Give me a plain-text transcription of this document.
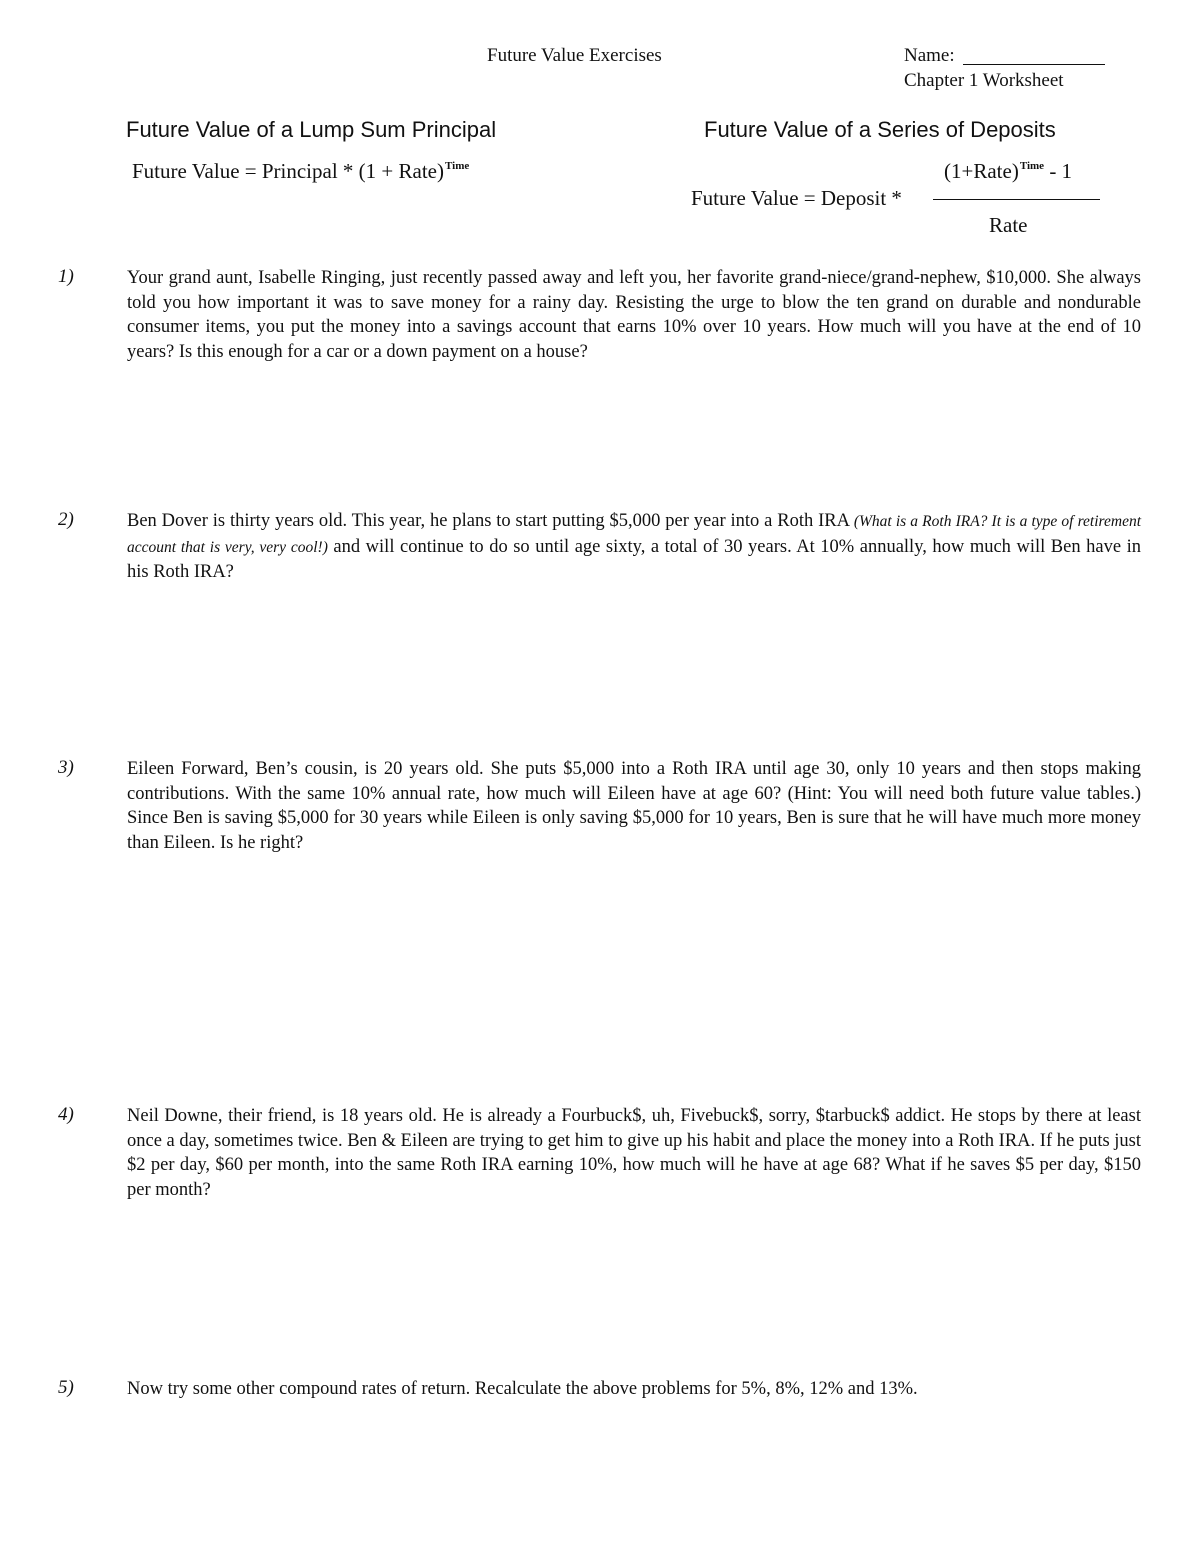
Future Value Exercises	Name:
Chapter 1 Worksheet
Future Value of a Lump Sum Principal	Future Value of a Series of Deposits
Future Value = Principal * (1 + Rate)$^{Time}$	(1+Rate)$^{Time}$ - 1
Future Value = Deposit *
Rate
1)	Your grand aunt, Isabelle Ringing, just recently passed away and left you, her favorite grand-niece/grand-nephew, $10,000. She always told you how important it was to save money for a rainy day. Resisting the urge to blow the ten grand on durable and nondurable consumer items, you put the money into a savings account that earns 10% over 10 years. How much will you have at the end of 10 years? Is this enough for a car or a down payment on a house?
2)	Ben Dover is thirty years old. This year, he plans to start putting $5,000 per year into a Roth IRA (What is a Roth IRA? It is a type of retirement account that is very, very cool!) and will continue to do so until age sixty, a total of 30 years. At 10% annually, how much will Ben have in his Roth IRA?
3)	Eileen Forward, Ben’s cousin, is 20 years old. She puts $5,000 into a Roth IRA until age 30, only 10 years and then stops making contributions. With the same 10% annual rate, how much will Eileen have at age 60? (Hint: You will need both future value tables.) Since Ben is saving $5,000 for 30 years while Eileen is only saving $5,000 for 10 years, Ben is sure that he will have much more money than Eileen. Is he right?
4)	Neil Downe, their friend, is 18 years old. He is already a Fourbuck$, uh, Fivebuck$, sorry, $tarbuck$ addict. He stops by there at least once a day, sometimes twice. Ben & Eileen are trying to get him to give up his habit and place the money into a Roth IRA. If he puts just $2 per day, $60 per month, into the same Roth IRA earning 10%, how much will he have at age 68? What if he saves $5 per day, $150 per month?
5)	Now try some other compound rates of return. Recalculate the above problems for 5%, 8%, 12% and 13%.
